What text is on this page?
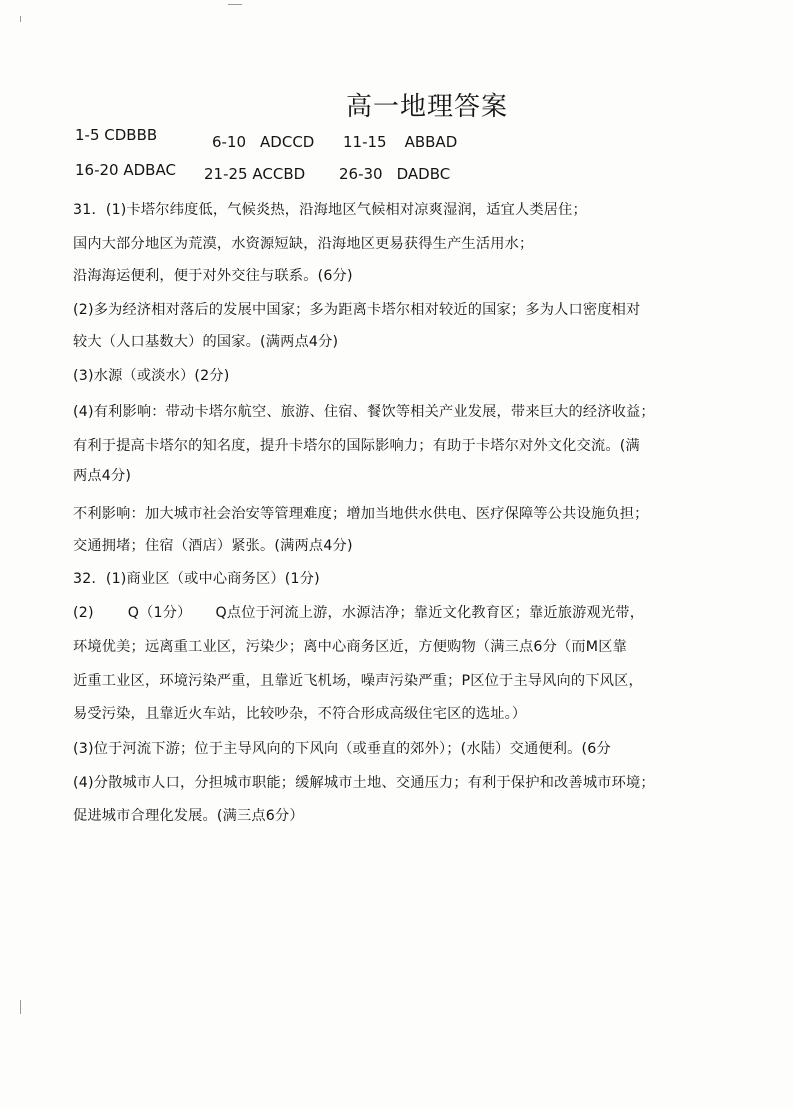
高一地理答案
1-5 CDBBB	6-10 ADCCD 11-15 ABBAD
16-20 ADBAC 21-25 ACCBD 26-30 DADBC
31．(1)卡塔尔纬度低，气候炎热，沿海地区气候相对凉爽湿润，适宜人类居住；
国内大部分地区为荒漠，水资源短缺，沿海地区更易获得生产生活用水；
沿海海运便利，便于对外交往与联系。(6分)
(2)多为经济相对落后的发展中国家；多为距离卡塔尔相对较近的国家；多为人口密度相对
较大（人口基数大）的国家。(满两点4分)
(3)水源（或淡水）(2分)
(4)有利影响：带动卡塔尔航空、旅游、住宿、餐饮等相关产业发展，带来巨大的经济收益；
有利于提高卡塔尔的知名度，提升卡塔尔的国际影响力；有助于卡塔尔对外文化交流。(满
两点4分)
不利影响：加大城市社会治安等管理难度；增加当地供水供电、医疗保障等公共设施负担；
交通拥堵；住宿（酒店）紧张。(满两点4分)
32．(1)商业区（或中心商务区）(1分)
(2) Q（1分） Q点位于河流上游，水源洁净；靠近文化教育区；靠近旅游观光带，
环境优美；远离重工业区，污染少；离中心商务区近，方便购物（满三点6分（而M区靠
近重工业区，环境污染严重，且靠近飞机场，噪声污染严重；P区位于主导风向的下风区，
易受污染，且靠近火车站，比较吵杂，不符合形成高级住宅区的选址。）
(3)位于河流下游；位于主导风向的下风向（或垂直的郊外）；(水陆）交通便利。(6分
(4)分散城市人口，分担城市职能；缓解城市土地、交通压力；有利于保护和改善城市环境；
促进城市合理化发展。(满三点6分）
